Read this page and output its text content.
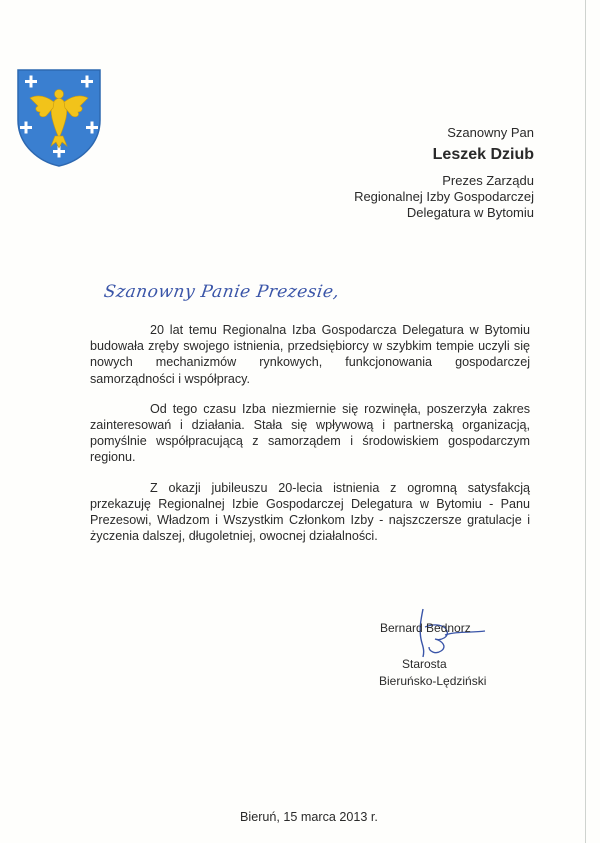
Szanowny Pan
Leszek Dziub
Prezes Zarządu
Regionalnej Izby Gospodarczej
Delegatura w Bytomiu
Szanowny Panie Prezesie,

20 lat temu Regionalna Izba Gospodarcza Delegatura w Bytomiu budowała zręby swojego istnienia, przedsiębiorcy w szybkim tempie uczyli się nowych mechanizmów rynkowych, funkcjonowania gospodarczej samorządności i współpracy.

Od tego czasu Izba niezmiernie się rozwinęła, poszerzyła zakres zainteresowań i działania. Stała się wpływową i partnerską organizacją, pomyślnie współpracującą z samorządem i środowiskiem gospodarczym regionu.

Z okazji jubileuszu 20-lecia istnienia z ogromną satysfakcją przekazuję Regionalnej Izbie Gospodarczej Delegatura w Bytomiu - Panu Prezesowi, Władzom i Wszystkim Członkom Izby - najszczersze gratulacje i życzenia dalszej, długoletniej, owocnej działalności.

Bernard Bednorz
Starosta
Bieruńsko-Lędziński
Bieruń, 15 marca 2013 r.
